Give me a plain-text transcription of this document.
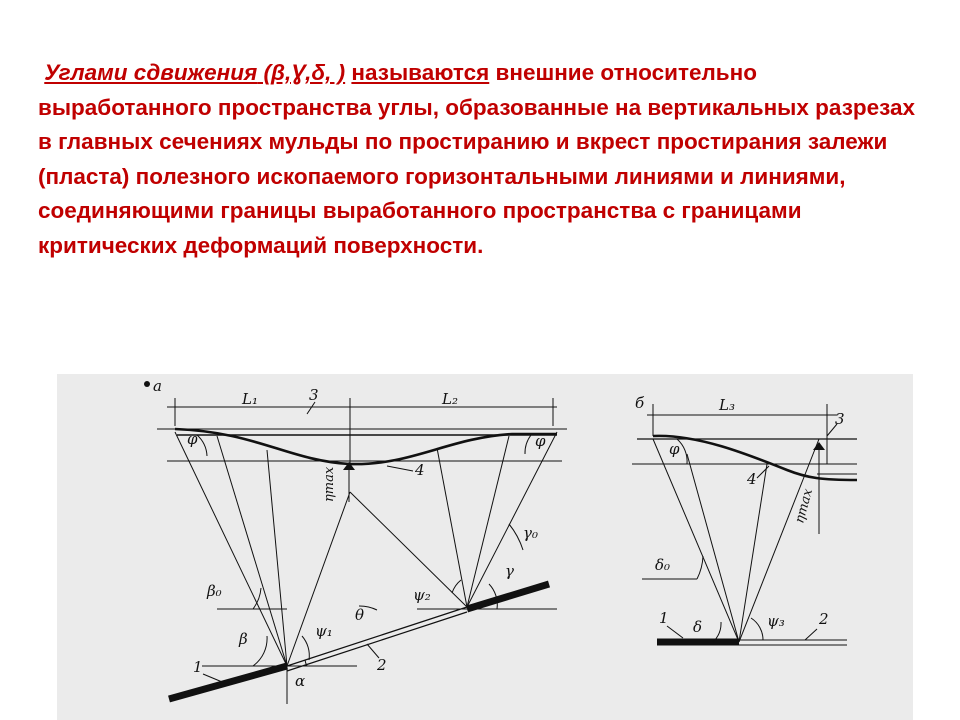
Углами сдвижения (β,Ɣ,δ, ) называются внешние относительно выработанного пространства углы, образованные на вертикальных разрезах в главных сечениях мульды по простиранию и вкрест простирания залежи (пласта) полезного ископаемого горизонтальными линиями и линиями, соединяющими границы выработанного пространства с границами критических деформаций поверхности.

а
L₁	L₂
3
4
φ	φ
ηmax
1	2
α
β₀
β	ψ₁
θ
ψ₂
γ
γ₀
б	L₃
3
4
φ
ηmax
1	2
δ₀
δ	ψ₃
